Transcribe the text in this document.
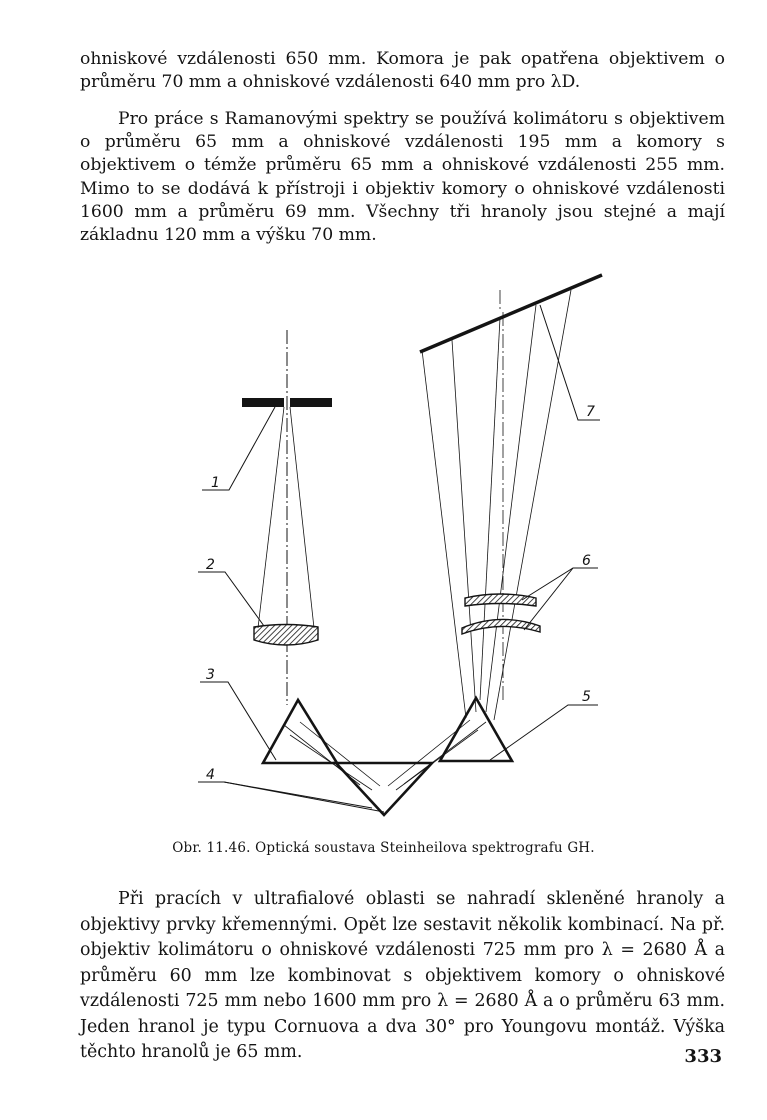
ohniskové vzdálenosti 650 mm. Komora je pak opatřena objektivem o průměru 70 mm a ohniskové vzdálenosti 640 mm pro λD.

Pro práce s Ramanovými spektry se používá kolimátoru s objektivem o průměru 65 mm a ohniskové vzdálenosti 195 mm a komory s objektivem o témže průměru 65 mm a ohniskové vzdálenosti 255 mm. Mimo to se dodává k přístroji i objektiv komory o ohniskové vzdálenosti 1600 mm a průměru 69 mm. Všechny tři hranoly jsou stejné a mají základnu 120 mm a výšku 70 mm.

1
2
3
4
5
6
7
Obr. 11.46. Optická soustava Steinheilova spektrografu GH.

Při pracích v ultrafialové oblasti se nahradí skleněné hranoly a objektivy prvky křemennými. Opět lze sestavit několik kombinací. Na př. objektiv kolimátoru o ohniskové vzdálenosti 725 mm pro λ = 2680 Å a průměru 60 mm lze kombinovat s objektivem komory o ohniskové vzdálenosti 725 mm nebo 1600 mm pro λ = 2680 Å a o průměru 63 mm. Jeden hranol je typu Cornuova a dva 30° pro Youngovu montáž. Výška těchto hranolů je 65 mm.	333
